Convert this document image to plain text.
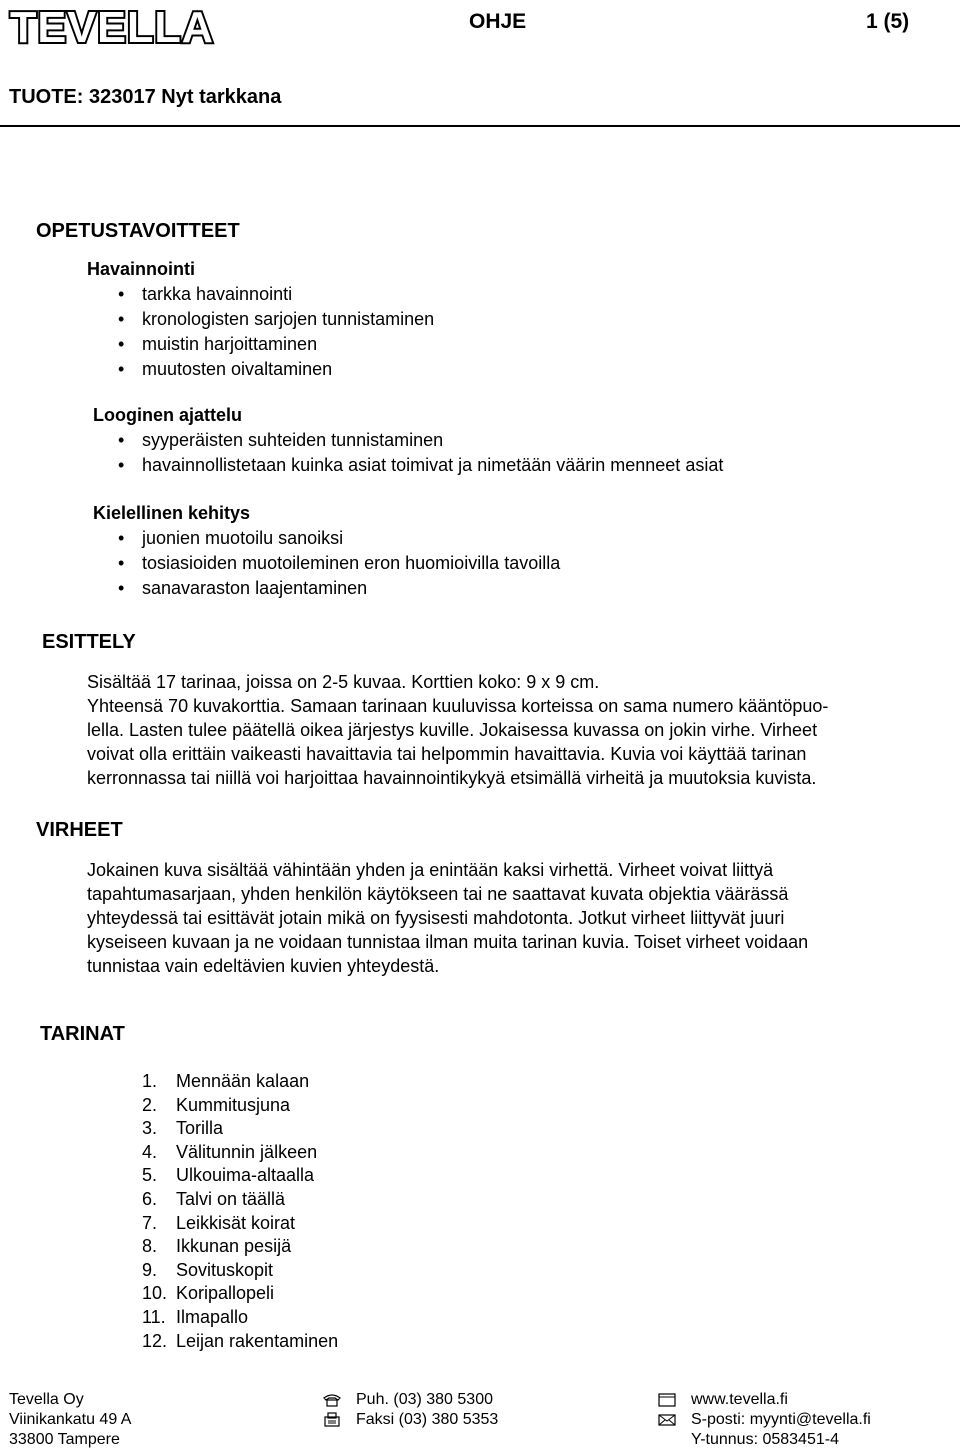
TEVELLA	OHJE	1 (5)
TUOTE: 323017 Nyt tarkkana
OPETUSTAVOITTEET
Havainnointi
• tarkka havainnointi
• kronologisten sarjojen tunnistaminen
• muistin harjoittaminen
• muutosten oivaltaminen
Looginen ajattelu
• syyperäisten suhteiden tunnistaminen
• havainnollistetaan kuinka asiat toimivat ja nimetään väärin menneet asiat
Kielellinen kehitys
• juonien muotoilu sanoiksi
• tosiasioiden muotoileminen eron huomioivilla tavoilla
• sanavaraston laajentaminen
ESITTELY
Sisältää 17 tarinaa, joissa on 2-5 kuvaa. Korttien koko: 9 x 9 cm.
Yhteensä 70 kuvakorttia. Samaan tarinaan kuuluvissa korteissa on sama numero kääntöpuo-
lella. Lasten tulee päätellä oikea järjestys kuville. Jokaisessa kuvassa on jokin virhe. Virheet
voivat olla erittäin vaikeasti havaittavia tai helpommin havaittavia. Kuvia voi käyttää tarinan
kerronnassa tai niillä voi harjoittaa havainnointikykyä etsimällä virheitä ja muutoksia kuvista.
VIRHEET
Jokainen kuva sisältää vähintään yhden ja enintään kaksi virhettä. Virheet voivat liittyä
tapahtumasarjaan, yhden henkilön käytökseen tai ne saattavat kuvata objektia väärässä
yhteydessä tai esittävät jotain mikä on fyysisesti mahdotonta. Jotkut virheet liittyvät juuri
kyseiseen kuvaan ja ne voidaan tunnistaa ilman muita tarinan kuvia. Toiset virheet voidaan
tunnistaa vain edeltävien kuvien yhteydestä.
TARINAT
1.	Mennään kalaan
2.	Kummitusjuna
3.	Torilla
4.	Välitunnin jälkeen
5.	Ulkouima-altaalla
6.	Talvi on täällä
7.	Leikkisät koirat
8.	Ikkunan pesijä
9.	Sovituskopit
10. Koripallopeli
11. Ilmapallo
12. Leijan rakentaminen
Tevella Oy
Viinikankatu 49 A
33800 Tampere
Puh. (03) 380 5300
Faksi (03) 380 5353
www.tevella.fi
S-posti: myynti@tevella.fi
Y-tunnus: 0583451-4
